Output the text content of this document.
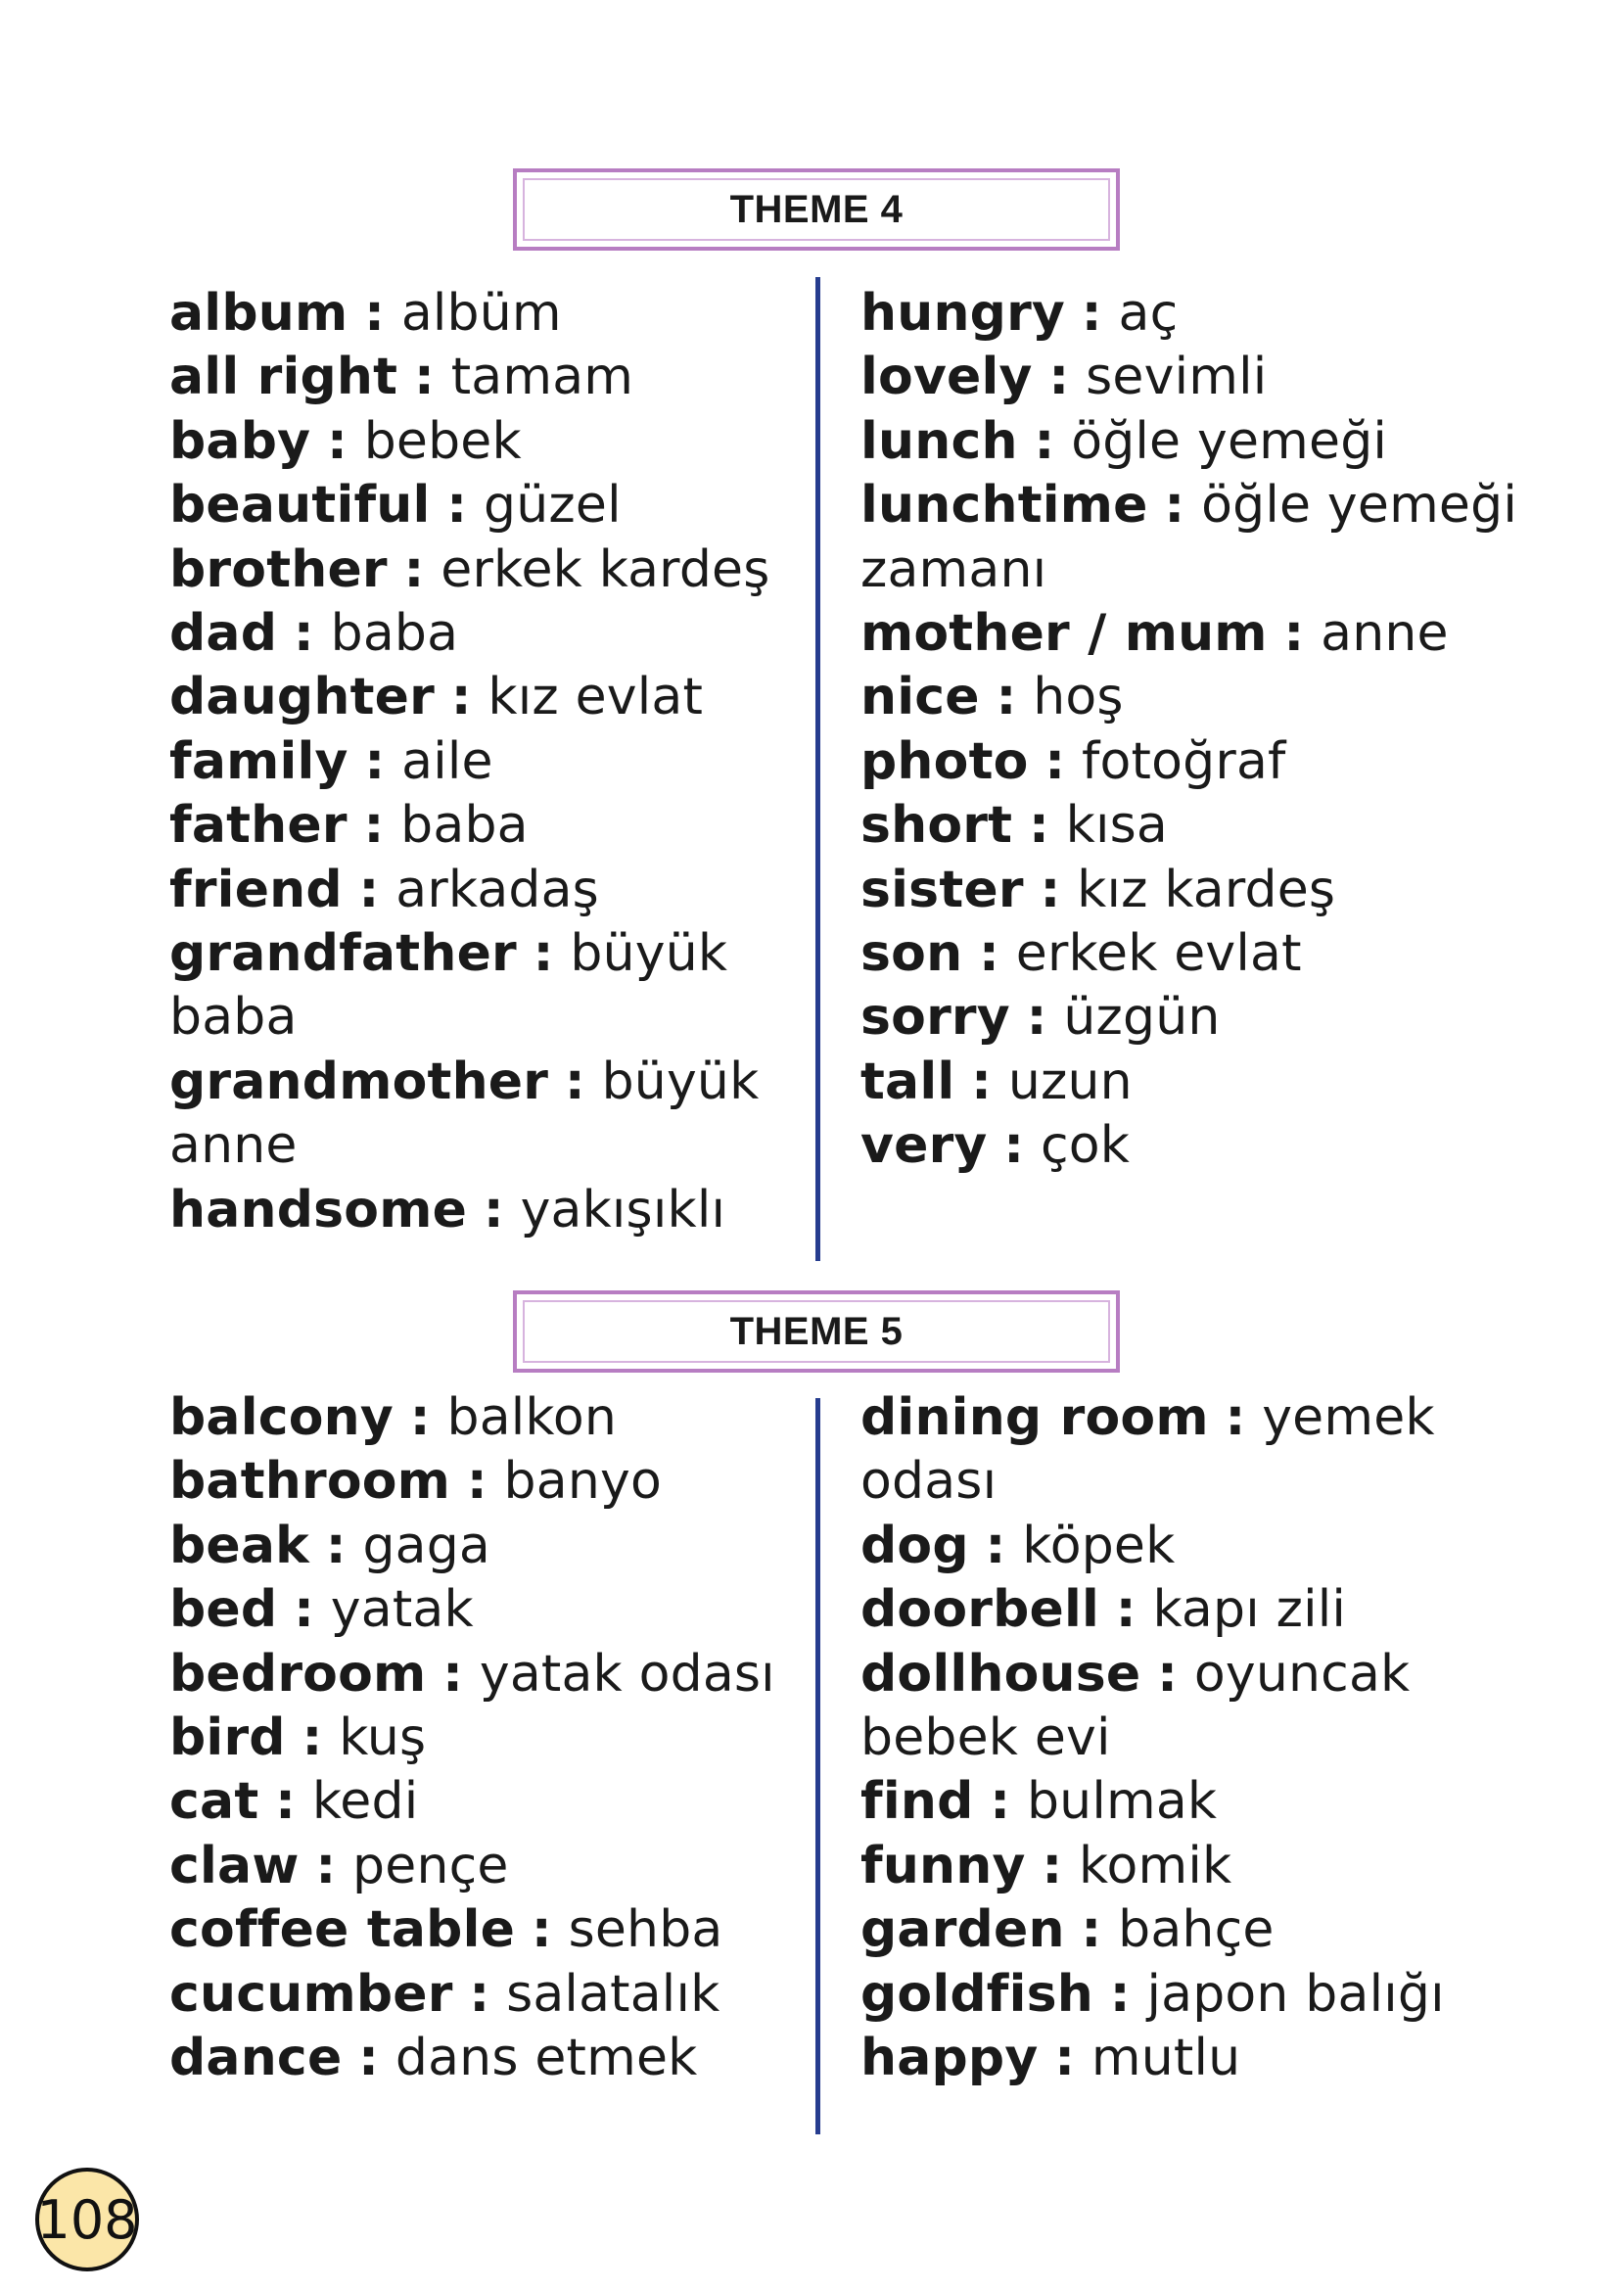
THEME 4
album : albüm
all right : tamam
baby : bebek
beautiful : güzel
brother : erkek kardeş
dad : baba
daughter : kız evlat
family : aile
father : baba
friend : arkadaş
grandfather : büyük baba
grandmother : büyük anne
handsome : yakışıklı
hungry : aç
lovely : sevimli
lunch : öğle yemeği
lunchtime : öğle yemeği zamanı
mother / mum : anne
nice : hoş
photo : fotoğraf
short : kısa
sister : kız kardeş
son : erkek evlat
sorry : üzgün
tall : uzun
very : çok
THEME 5
balcony : balkon
bathroom : banyo
beak : gaga
bed : yatak
bedroom : yatak odası
bird : kuş
cat : kedi
claw : pençe
coffee table : sehba
cucumber : salatalık
dance : dans etmek
dining room : yemek odası
dog : köpek
doorbell : kapı zili
dollhouse : oyuncak bebek evi
find : bulmak
funny : komik
garden : bahçe
goldfish : japon balığı
happy : mutlu
108
